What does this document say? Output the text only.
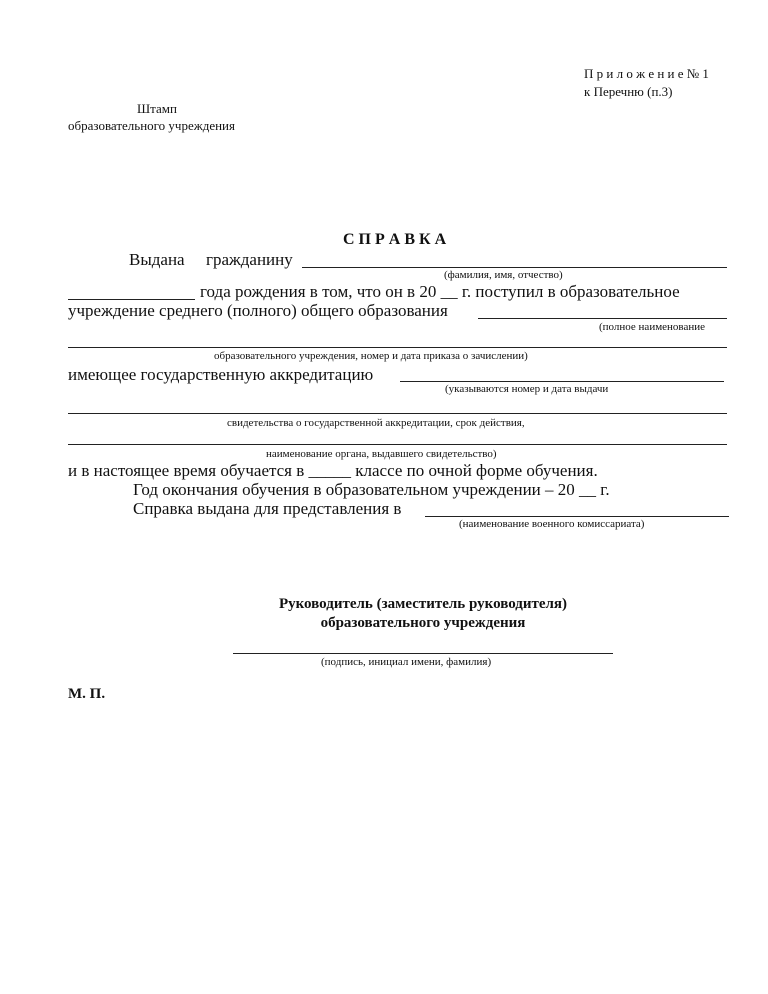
П р и л о ж е н и е № 1
к Перечню (п.3)
Штамп
образовательного учреждения
С П Р А В К А
Выдана гражданину
(фамилия, имя, отчество)
года рождения в том, что он в 20 __ г. поступил в образовательное
учреждение среднего (полного) общего образования
(полное наименование
образовательного учреждения, номер и дата приказа о зачислении)
имеющее государственную аккредитацию
(указываются номер и дата выдачи
свидетельства о государственной аккредитации, срок действия,
наименование органа, выдавшего свидетельство)
и в настоящее время обучается в _____ классе по очной форме обучения.
Год окончания обучения в образовательном учреждении – 20 __ г.
Справка выдана для представления в
(наименование военного комиссариата)
Руководитель (заместитель руководителя)
образовательного учреждения
(подпись, инициал имени, фамилия)
М. П.
